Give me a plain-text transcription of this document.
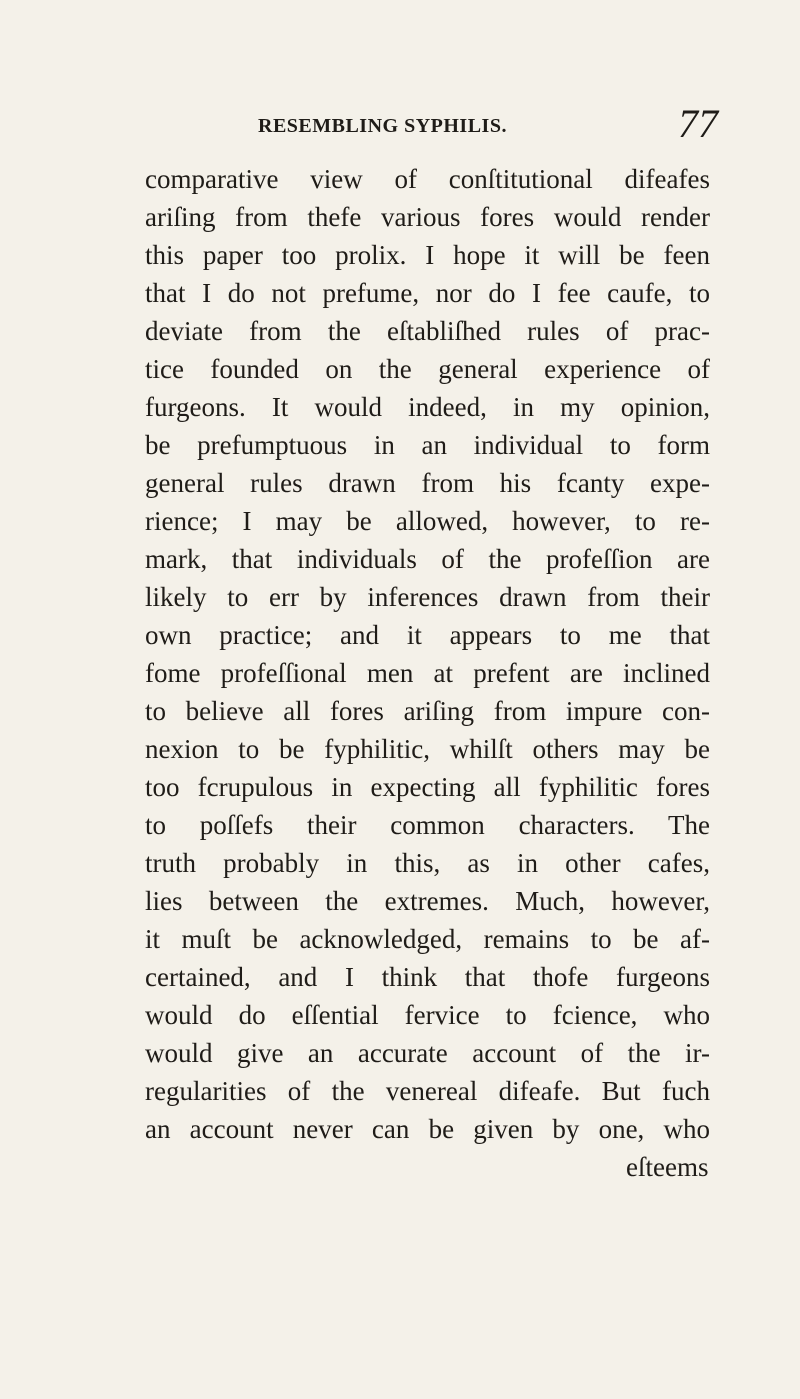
RESEMBLING SYPHILIS.	77
comparative view of conſtitutional difeafes
ariſing from thefe various fores would render
this paper too prolix. I hope it will be feen
that I do not prefume, nor do I fee caufe, to
deviate from the eſtabliſhed rules of prac-
tice founded on the general experience of
furgeons. It would indeed, in my opinion,
be prefumptuous in an individual to form
general rules drawn from his fcanty expe-
rience; I may be allowed, however, to re-
mark, that individuals of the profeſſion are
likely to err by inferences drawn from their
own practice; and it appears to me that
fome profeſſional men at prefent are inclined
to believe all fores ariſing from impure con-
nexion to be fyphilitic, whilſt others may be
too fcrupulous in expecting all fyphilitic fores
to poſſefs their common characters. The
truth probably in this, as in other cafes,
lies between the extremes. Much, however,
it muſt be acknowledged, remains to be af-
certained, and I think that thofe furgeons
would do eſſential fervice to fcience, who
would give an accurate account of the ir-
regularities of the venereal difeafe. But fuch
an account never can be given by one, who
eſteems
